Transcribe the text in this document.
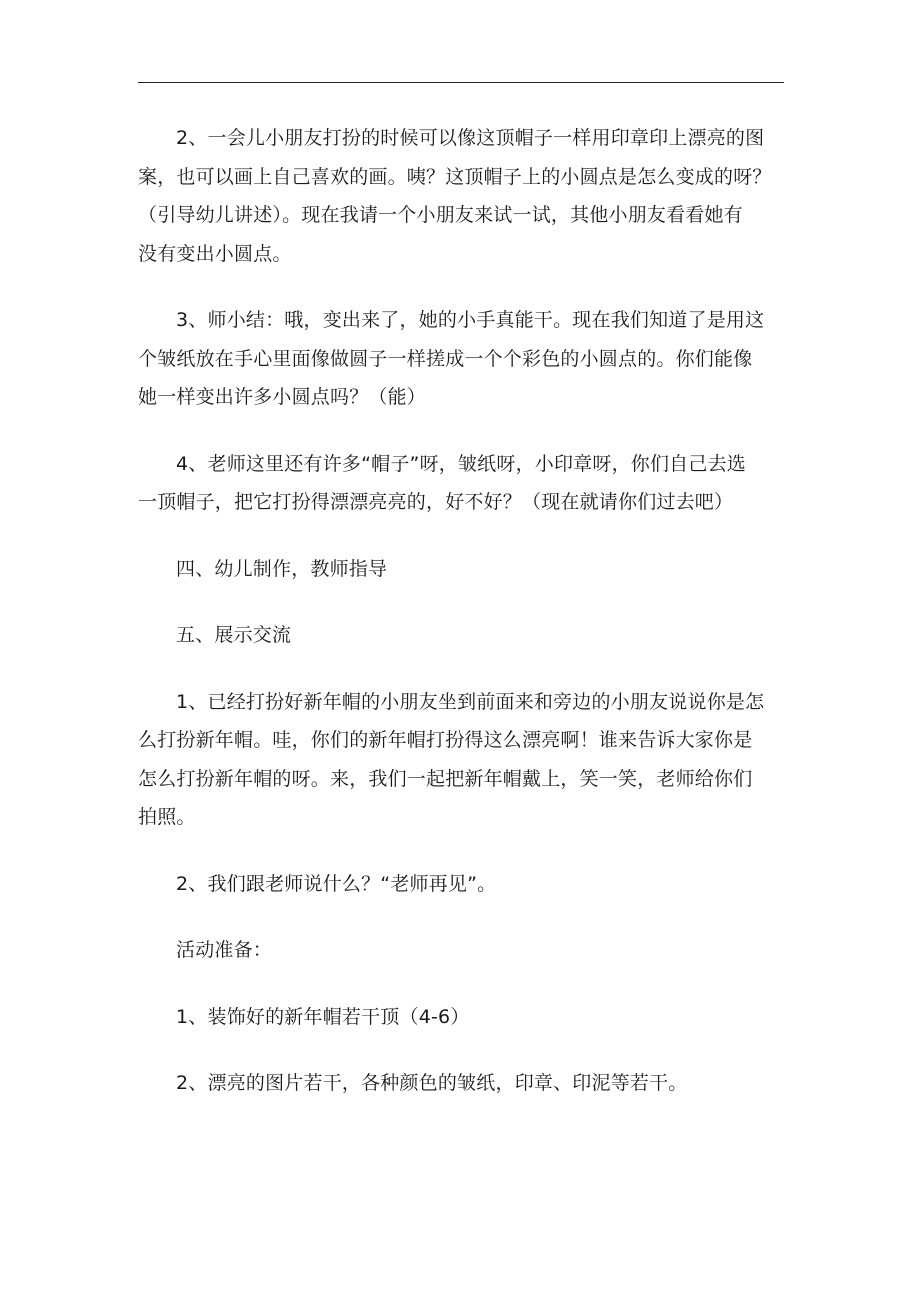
2、一会儿小朋友打扮的时候可以像这顶帽子一样用印章印上漂亮的图
案，也可以画上自己喜欢的画。咦？这顶帽子上的小圆点是怎么变成的呀？
（引导幼儿讲述）。现在我请一个小朋友来试一试，其他小朋友看看她有
没有变出小圆点。

3、师小结：哦，变出来了，她的小手真能干。现在我们知道了是用这
个皱纸放在手心里面像做圆子一样搓成一个个彩色的小圆点的。你们能像
她一样变出许多小圆点吗？（能）

4、老师这里还有许多“帽子”呀，皱纸呀，小印章呀，你们自己去选
一顶帽子，把它打扮得漂漂亮亮的，好不好？（现在就请你们过去吧）

四、幼儿制作，教师指导

五、展示交流

1、已经打扮好新年帽的小朋友坐到前面来和旁边的小朋友说说你是怎
么打扮新年帽。哇，你们的新年帽打扮得这么漂亮啊！谁来告诉大家你是
怎么打扮新年帽的呀。来，我们一起把新年帽戴上，笑一笑，老师给你们
拍照。

2、我们跟老师说什么？“老师再见”。

活动准备：

1、装饰好的新年帽若干顶（4-6）

2、漂亮的图片若干，各种颜色的皱纸，印章、印泥等若干。
